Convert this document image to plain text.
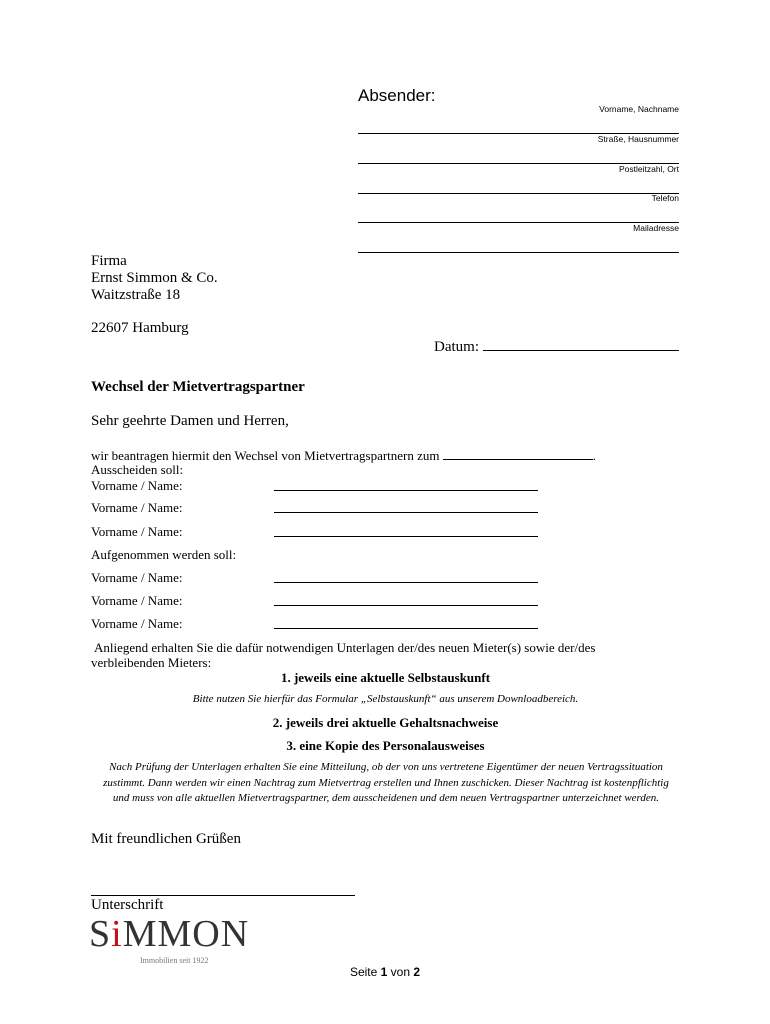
Absender:
Vorname, Nachname
Straße, Hausnummer
Postleitzahl, Ort
Telefon
Mailadresse
Firma
Ernst Simmon & Co.
Waitzstraße 18
22607 Hamburg
Datum:
Wechsel der Mietvertragspartner
Sehr geehrte Damen und Herren,
wir beantragen hiermit den Wechsel von Mietvertragspartnern zum	.
Ausscheiden soll:
Vorname / Name:
Vorname / Name:
Vorname / Name:
Aufgenommen werden soll:
Vorname / Name:
Vorname / Name:
Vorname / Name:
Anliegend erhalten Sie die dafür notwendigen Unterlagen der/des neuen Mieter(s) sowie der/des verbleibenden Mieters:
1. jeweils eine aktuelle Selbstauskunft
Bitte nutzen Sie hierfür das Formular „Selbstauskunft“ aus unserem Downloadbereich.
2. jeweils drei aktuelle Gehaltsnachweise
3. eine Kopie des Personalausweises
Nach Prüfung der Unterlagen erhalten Sie eine Mitteilung, ob der von uns vertretene Eigentümer der neuen Vertragssituation zustimmt. Dann werden wir einen Nachtrag zum Mietvertrag erstellen und Ihnen zuschicken. Dieser Nachtrag ist kostenpflichtig und muss von alle aktuellen Mietvertragspartner, dem ausscheidenen und dem neuen Vertragspartner unterzeichnet werden.
Mit freundlichen Grüßen
Unterschrift
SiMMON
Immobilien seit 1922
Seite 1 von 2
